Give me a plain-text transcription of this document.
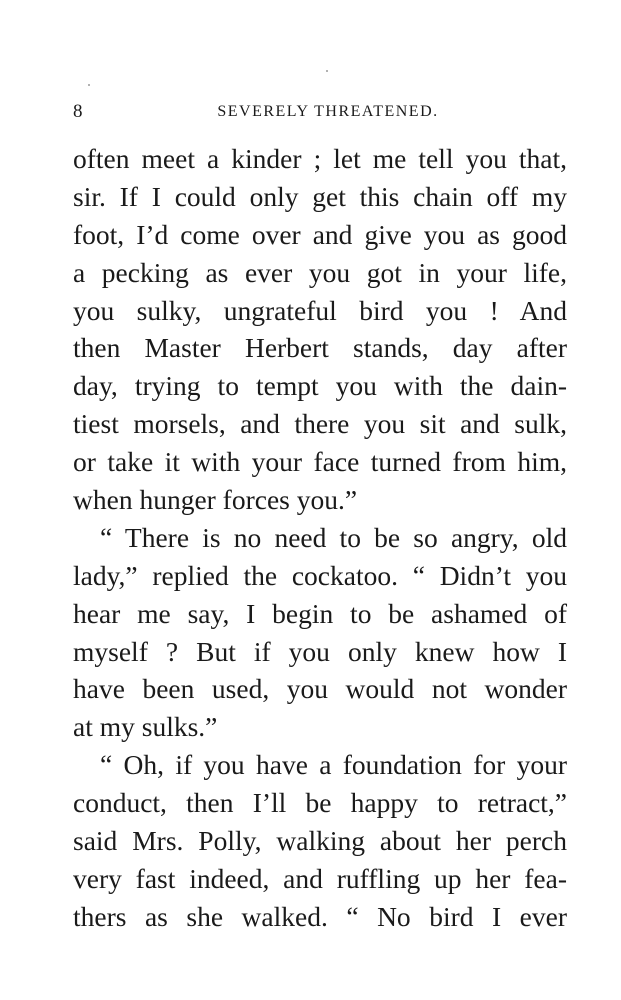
8	SEVERELY THREATENED.
often meet a kinder ; let me tell you that,
sir. If I could only get this chain off my
foot, I’d come over and give you as good
a pecking as ever you got in your life,
you sulky, ungrateful bird you ! And
then Master Herbert stands, day after
day, trying to tempt you with the dain-
tiest morsels, and there you sit and sulk,
or take it with your face turned from him,
when hunger forces you.”
“ There is no need to be so angry, old
lady,” replied the cockatoo. “ Didn’t you
hear me say, I begin to be ashamed of
myself ? But if you only knew how I
have been used, you would not wonder
at my sulks.”
“ Oh, if you have a foundation for your
conduct, then I’ll be happy to retract,”
said Mrs. Polly, walking about her perch
very fast indeed, and ruffling up her fea-
thers as she walked. “ No bird I ever
